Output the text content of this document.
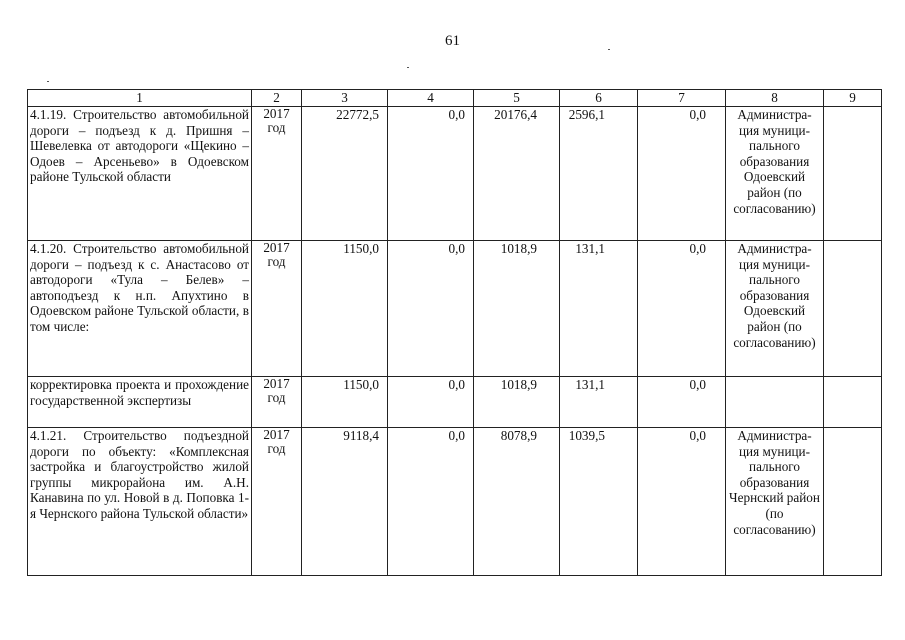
61
1	2	3	4	5	6	7	8	9
4.1.19. Строительство автомобильной дороги – подъезд к д. Пришня – Шевелевка от автодороги «Щекино – Одоев – Арсеньево» в Одоевском районе Тульской области	2017 год	22772,5	0,0	20176,4	2596,1	0,0	Администра-ция муници-пального образования Одоевский район (по согласованию)	
4.1.20. Строительство автомобильной дороги – подъезд к с. Анастасово от автодороги «Тула – Белев» – автоподъезд к н.п. Апухтино в Одоевском районе Тульской области, в том числе:	2017 год	1150,0	0,0	1018,9	131,1	0,0	Администра-ция муници-пального образования Одоевский район (по согласованию)	
корректировка проекта и прохождение государственной экспертизы	2017 год	1150,0	0,0	1018,9	131,1	0,0		
4.1.21. Строительство подъездной дороги по объекту: «Комплексная застройка и благоустройство жилой группы микрорайона им. А.Н. Канавина по ул. Новой в д. Поповка 1-я Чернского района Тульской области»	2017 год	9118,4	0,0	8078,9	1039,5	0,0	Администра-ция муници-пального образования Чернский район (по согласованию)	
